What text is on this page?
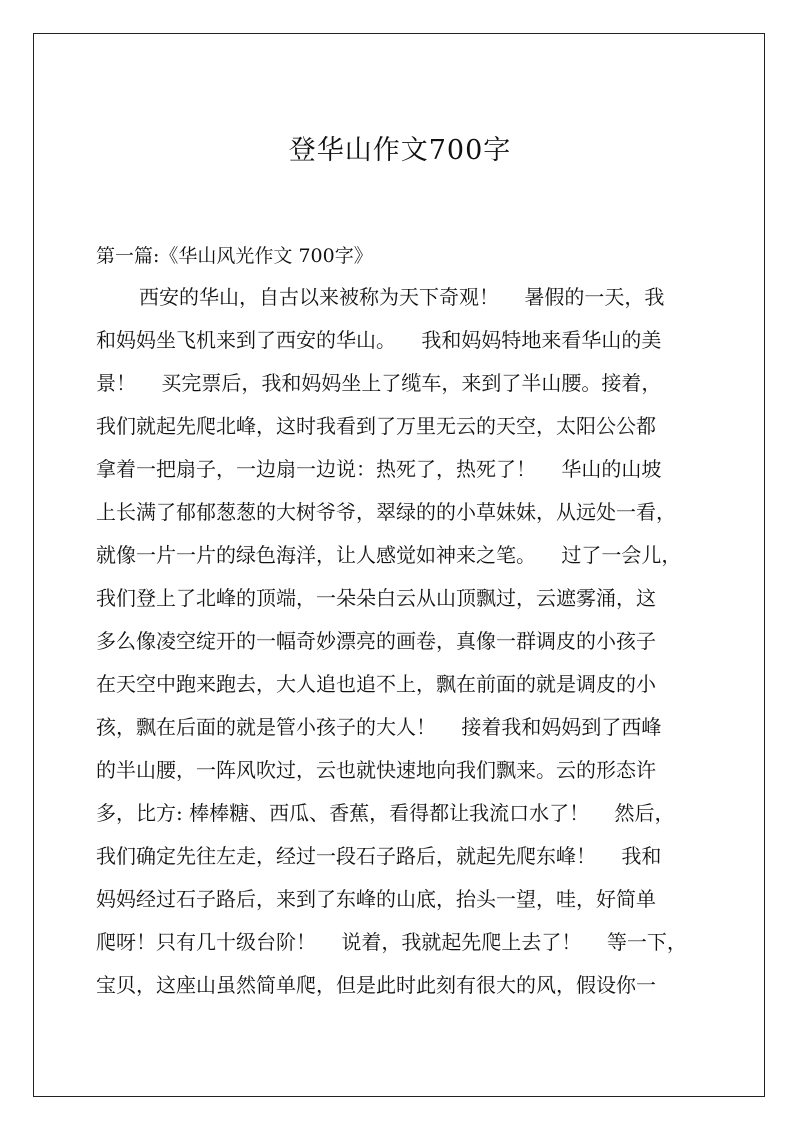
登华山作文700字

第一篇:《华山风光作文 700字》

西安的华山，自古以来被称为天下奇观！    暑假的一天，我

和妈妈坐飞机来到了西安的华山。    我和妈妈特地来看华山的美

景！    买完票后，我和妈妈坐上了缆车，来到了半山腰。接着，

我们就起先爬北峰，这时我看到了万里无云的天空，太阳公公都

拿着一把扇子，一边扇一边说：热死了，热死了！    华山的山坡

上长满了郁郁葱葱的大树爷爷，翠绿的的小草妹妹，从远处一看，

就像一片一片的绿色海洋，让人感觉如神来之笔。    过了一会儿，

我们登上了北峰的顶端，一朵朵白云从山顶飘过，云遮雾涌，这

多么像凌空绽开的一幅奇妙漂亮的画卷，真像一群调皮的小孩子

在天空中跑来跑去，大人追也追不上，飘在前面的就是调皮的小

孩，飘在后面的就是管小孩子的大人！    接着我和妈妈到了西峰

的半山腰，一阵风吹过，云也就快速地向我们飘来。云的形态许

多，比方: 棒棒糖、西瓜、香蕉，看得都让我流口水了！    然后，

我们确定先往左走，经过一段石子路后，就起先爬东峰！    我和

妈妈经过石子路后，来到了东峰的山底，抬头一望，哇，好简单

爬呀！只有几十级台阶！    说着，我就起先爬上去了！    等一下，

宝贝，这座山虽然简单爬，但是此时此刻有很大的风，假设你一
